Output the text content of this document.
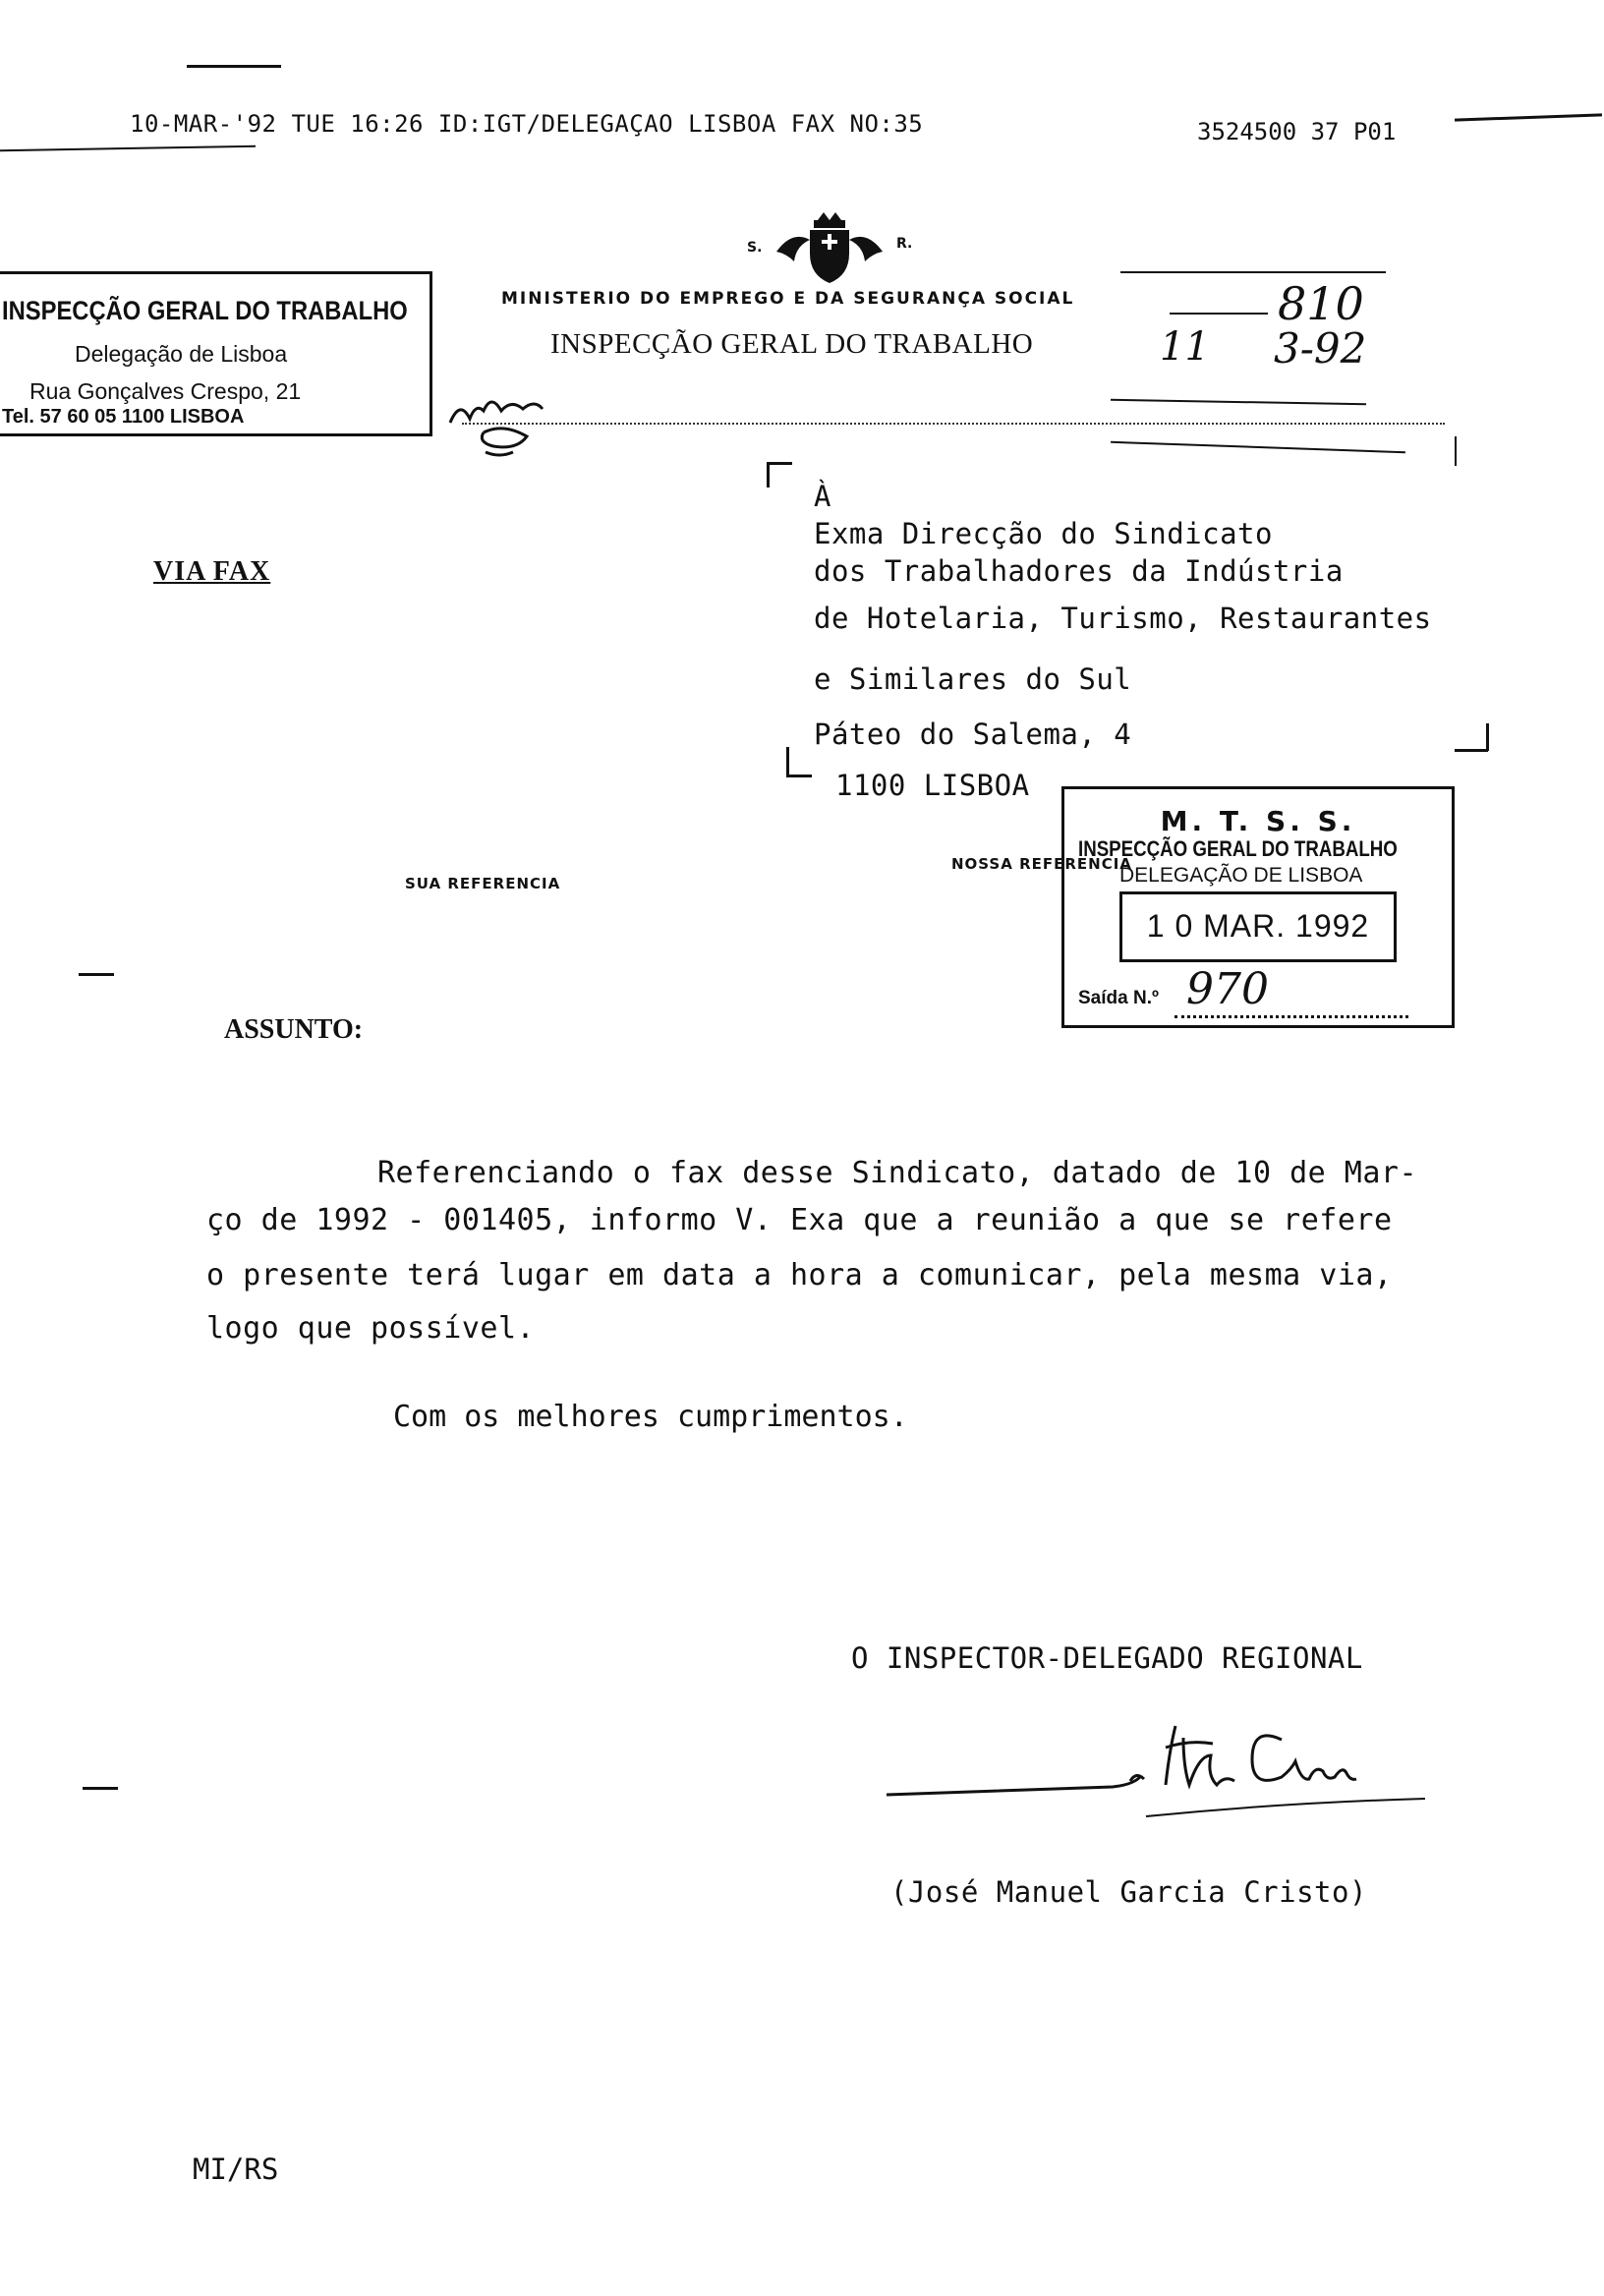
10-MAR-'92 TUE 16:26 ID:IGT/DELEGAÇAO LISBOA FAX NO:35	3524500 37 P01
INSPECÇÃO GERAL DO TRABALHO
Delegação de Lisboa
Rua Gonçalves Crespo, 21
Tel. 57 60 05 1100 LISBOA
S.	R.
MINISTERIO DO EMPREGO E DA SEGURANÇA SOCIAL
INSPECÇÃO GERAL DO TRABALHO
810
11 3-92
VIA FAX
À
Exma Direcção do Sindicato
dos Trabalhadores da Indústria
de Hotelaria, Turismo, Restaurantes
e Similares do Sul
Páteo do Salema, 4
1100 LISBOA
SUA REFERENCIA
NOSSA REFERENCIA
M. T. S. S.
INSPECÇÃO GERAL DO TRABALHO
DELEGAÇÃO DE LISBOA
1 0 MAR. 1992
Saída N.º 970
ASSUNTO:
Referenciando o fax desse Sindicato, datado de 10 de Mar-
ço de 1992 - 001405, informo V. Exa que a reunião a que se refere
o presente terá lugar em data a hora a comunicar, pela mesma via,
logo que possível.
Com os melhores cumprimentos.
O INSPECTOR-DELEGADO REGIONAL
(José Manuel Garcia Cristo)
MI/RS
